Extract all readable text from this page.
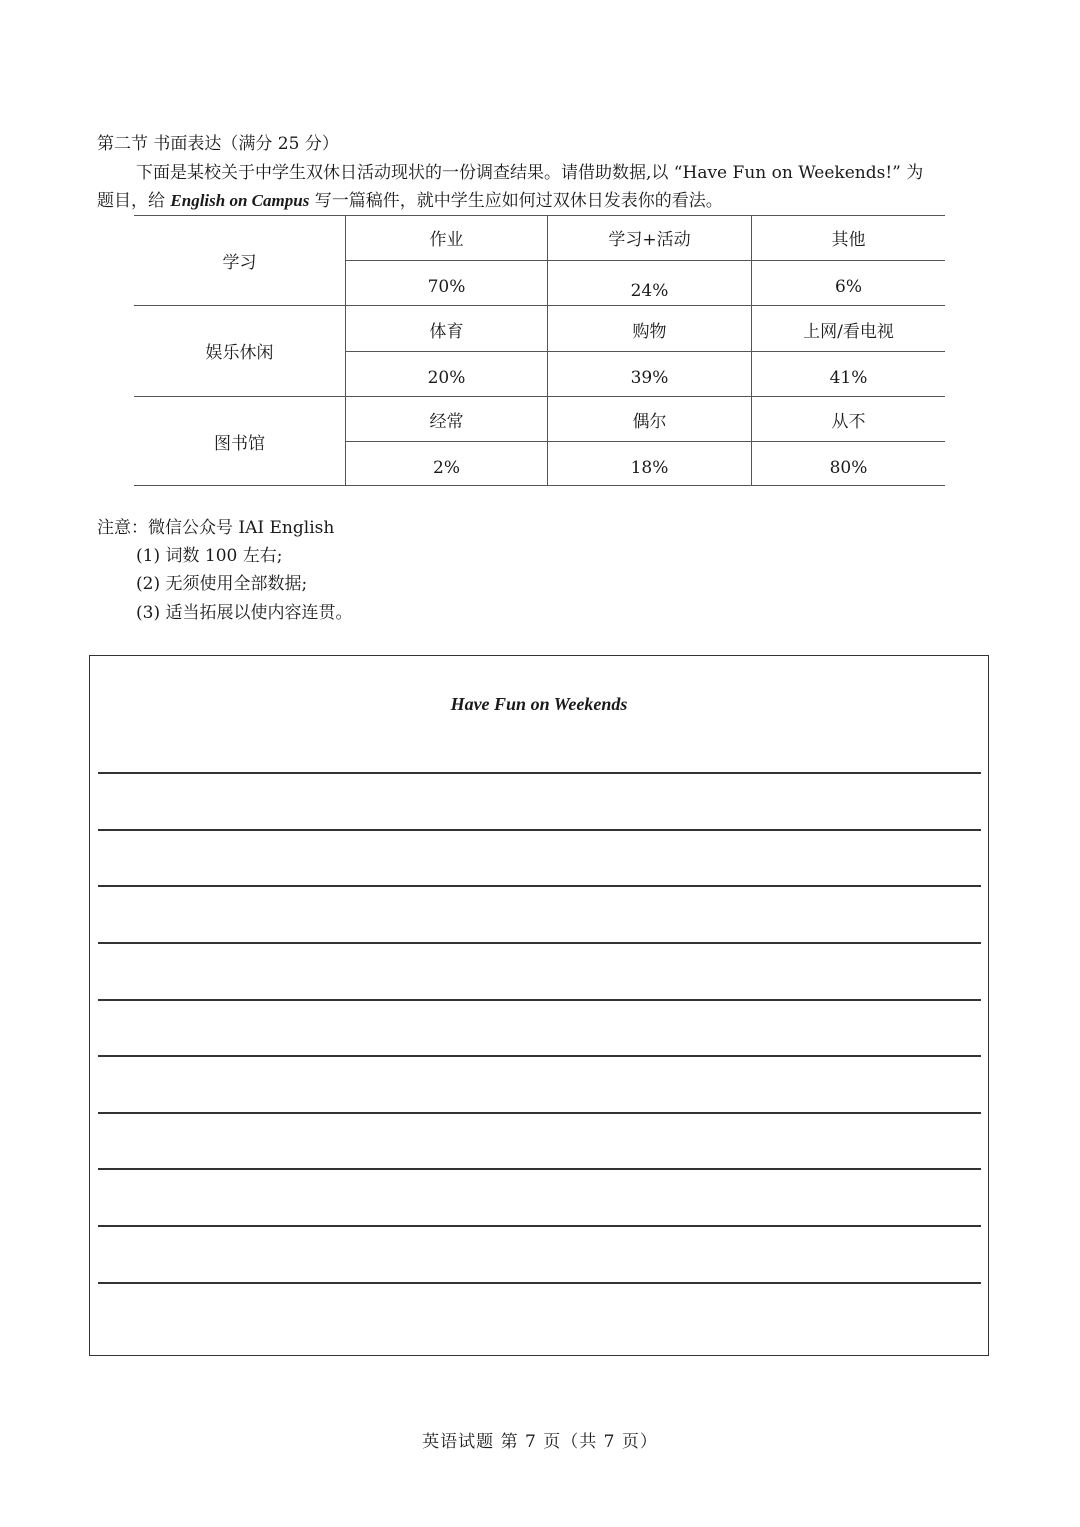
第二节 书面表达（满分 25 分）
下面是某校关于中学生双休日活动现状的一份调查结果。请借助数据,以 “Have Fun on Weekends!” 为
题目，给 English on Campus 写一篇稿件，就中学生应如何过双休日发表你的看法。
学习
作业	学习+活动	其他
70%	24%	6%
娱乐休闲
体育	购物	上网/看电视
20%	39%	41%
图书馆
经常	偶尔	从不
2%	18%	80%
注意：微信公众号 IAI English
(1) 词数 100 左右;
(2) 无须使用全部数据;
(3) 适当拓展以使内容连贯。
Have Fun on Weekends
英语试题 第 7 页（共 7 页）
